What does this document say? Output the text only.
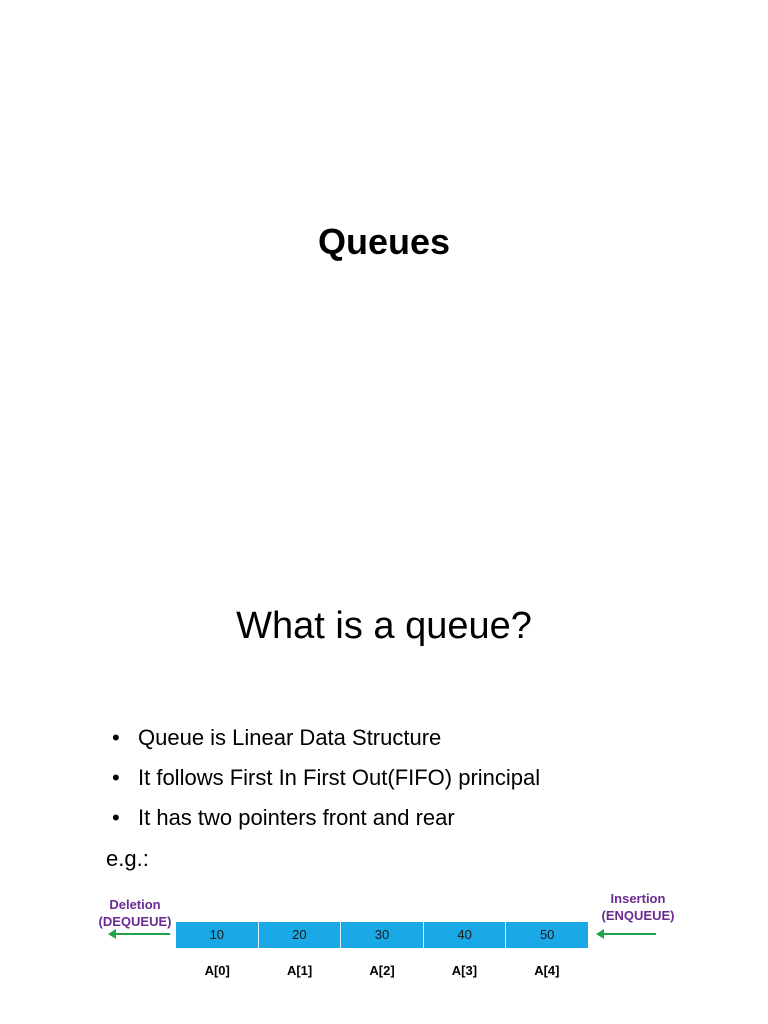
Queues
What is a queue?
• Queue is Linear Data Structure
• It follows First In First Out(FIFO) principal
• It has two pointers front and rear
e.g.:
Deletion
(DEQUEUE)
10	20	30	40	50
Insertion
(ENQUEUE)
A[0]	A[1]	A[2]	A[3]	A[4]
